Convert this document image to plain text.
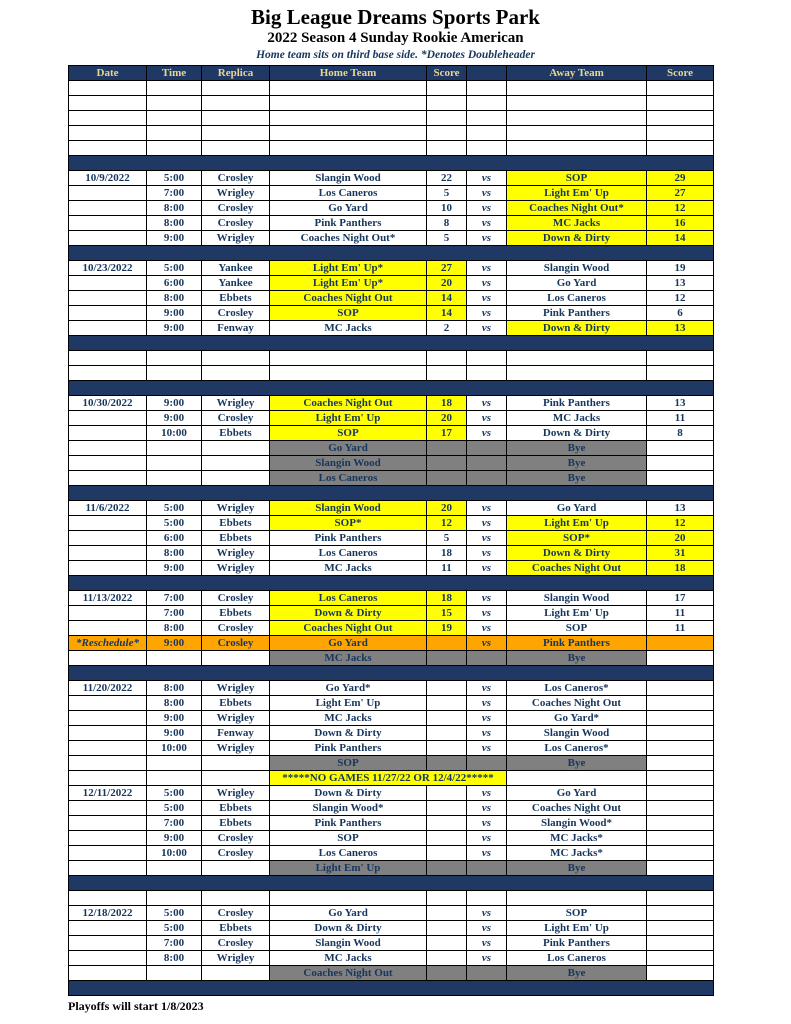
Big League Dreams Sports Park
2022 Season 4 Sunday Rookie American
Home team sits on third base side. *Denotes Doubleheader
Date	Time	Replica	Home Team	Score		Away Team	Score

10/9/2022	5:00	Crosley	Slangin Wood	22	vs	SOP	29
	7:00	Wrigley	Los Caneros	5	vs	Light Em' Up	27
	8:00	Crosley	Go Yard	10	vs	Coaches Night Out*	12
	8:00	Crosley	Pink Panthers	8	vs	MC Jacks	16
	9:00	Wrigley	Coaches Night Out*	5	vs	Down & Dirty	14

10/23/2022	5:00	Yankee	Light Em' Up*	27	vs	Slangin Wood	19
	6:00	Yankee	Light Em' Up*	20	vs	Go Yard	13
	8:00	Ebbets	Coaches Night Out	14	vs	Los Caneros	12
	9:00	Crosley	SOP	14	vs	Pink Panthers	6
	9:00	Fenway	MC Jacks	2	vs	Down & Dirty	13

10/30/2022	9:00	Wrigley	Coaches Night Out	18	vs	Pink Panthers	13
	9:00	Crosley	Light Em' Up	20	vs	MC Jacks	11
	10:00	Ebbets	SOP	17	vs	Down & Dirty	8
			Go Yard			Bye	
			Slangin Wood			Bye	
			Los Caneros			Bye	

11/6/2022	5:00	Wrigley	Slangin Wood	20	vs	Go Yard	13
	5:00	Ebbets	SOP*	12	vs	Light Em' Up	12
	6:00	Ebbets	Pink Panthers	5	vs	SOP*	20
	8:00	Wrigley	Los Caneros	18	vs	Down & Dirty	31
	9:00	Wrigley	MC Jacks	11	vs	Coaches Night Out	18

11/13/2022	7:00	Crosley	Los Caneros	18	vs	Slangin Wood	17
	7:00	Ebbets	Down & Dirty	15	vs	Light Em' Up	11
	8:00	Crosley	Coaches Night Out	19	vs	SOP	11
*Reschedule*	9:00	Crosley	Go Yard		vs	Pink Panthers	
			MC Jacks			Bye	

11/20/2022	8:00	Wrigley	Go Yard*		vs	Los Caneros*	
	8:00	Ebbets	Light Em' Up		vs	Coaches Night Out	
	9:00	Wrigley	MC Jacks		vs	Go Yard*	
	9:00	Fenway	Down & Dirty		vs	Slangin Wood	
	10:00	Wrigley	Pink Panthers		vs	Los Caneros*	
			SOP			Bye	
			*****NO GAMES 11/27/22 OR 12/4/22*****				
12/11/2022	5:00	Wrigley	Down & Dirty		vs	Go Yard	
	5:00	Ebbets	Slangin Wood*		vs	Coaches Night Out	
	7:00	Ebbets	Pink Panthers		vs	Slangin Wood*	
	9:00	Crosley	SOP		vs	MC Jacks*	
	10:00	Crosley	Los Caneros		vs	MC Jacks*	
			Light Em' Up			Bye	

12/18/2022	5:00	Crosley	Go Yard		vs	SOP	
	5:00	Ebbets	Down & Dirty		vs	Light Em' Up	
	7:00	Crosley	Slangin Wood		vs	Pink Panthers	
	8:00	Wrigley	MC Jacks		vs	Los Caneros	
			Coaches Night Out			Bye	

Playoffs will start 1/8/2023
